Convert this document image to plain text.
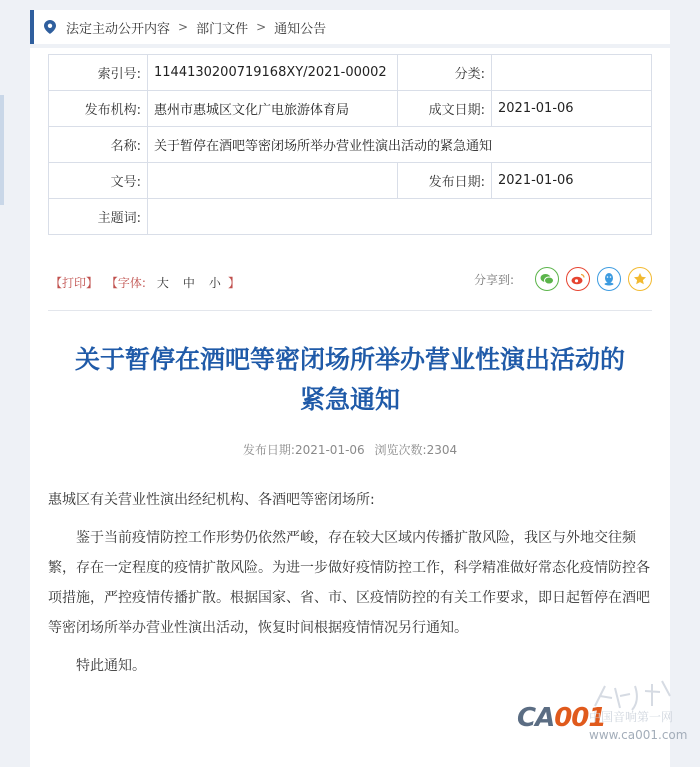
法定主动公开内容 > 部门文件 > 通知公告
索引号:	1144130200719168XY/2021-00002	分类:	
发布机构:	惠州市惠城区文化广电旅游体育局	成文日期:	2021-01-06
名称:	关于暂停在酒吧等密闭场所举办营业性演出活动的紧急通知		
文号:		发布日期:	2021-01-06
主题词:			
【打印】 【字体: 大 中 小 】	分享到:
关于暂停在酒吧等密闭场所举办营业性演出活动的
紧急通知
发布日期:2021-01-06 浏览次数:2304

惠城区有关营业性演出经纪机构、各酒吧等密闭场所:

鉴于当前疫情防控工作形势仍依然严峻，存在较大区域内传播扩散风险，我区与外地交往频繁，存在一定程度的疫情扩散风险。为进一步做好疫情防控工作，科学精准做好常态化疫情防控各项措施，严控疫情传播扩散。根据国家、省、市、区疫情防控的有关工作要求，即日起暂停在酒吧等密闭场所举办营业性演出活动，恢复时间根据疫情情况另行通知。

特此通知。

CA001
中国音响第一网
www.ca001.com
